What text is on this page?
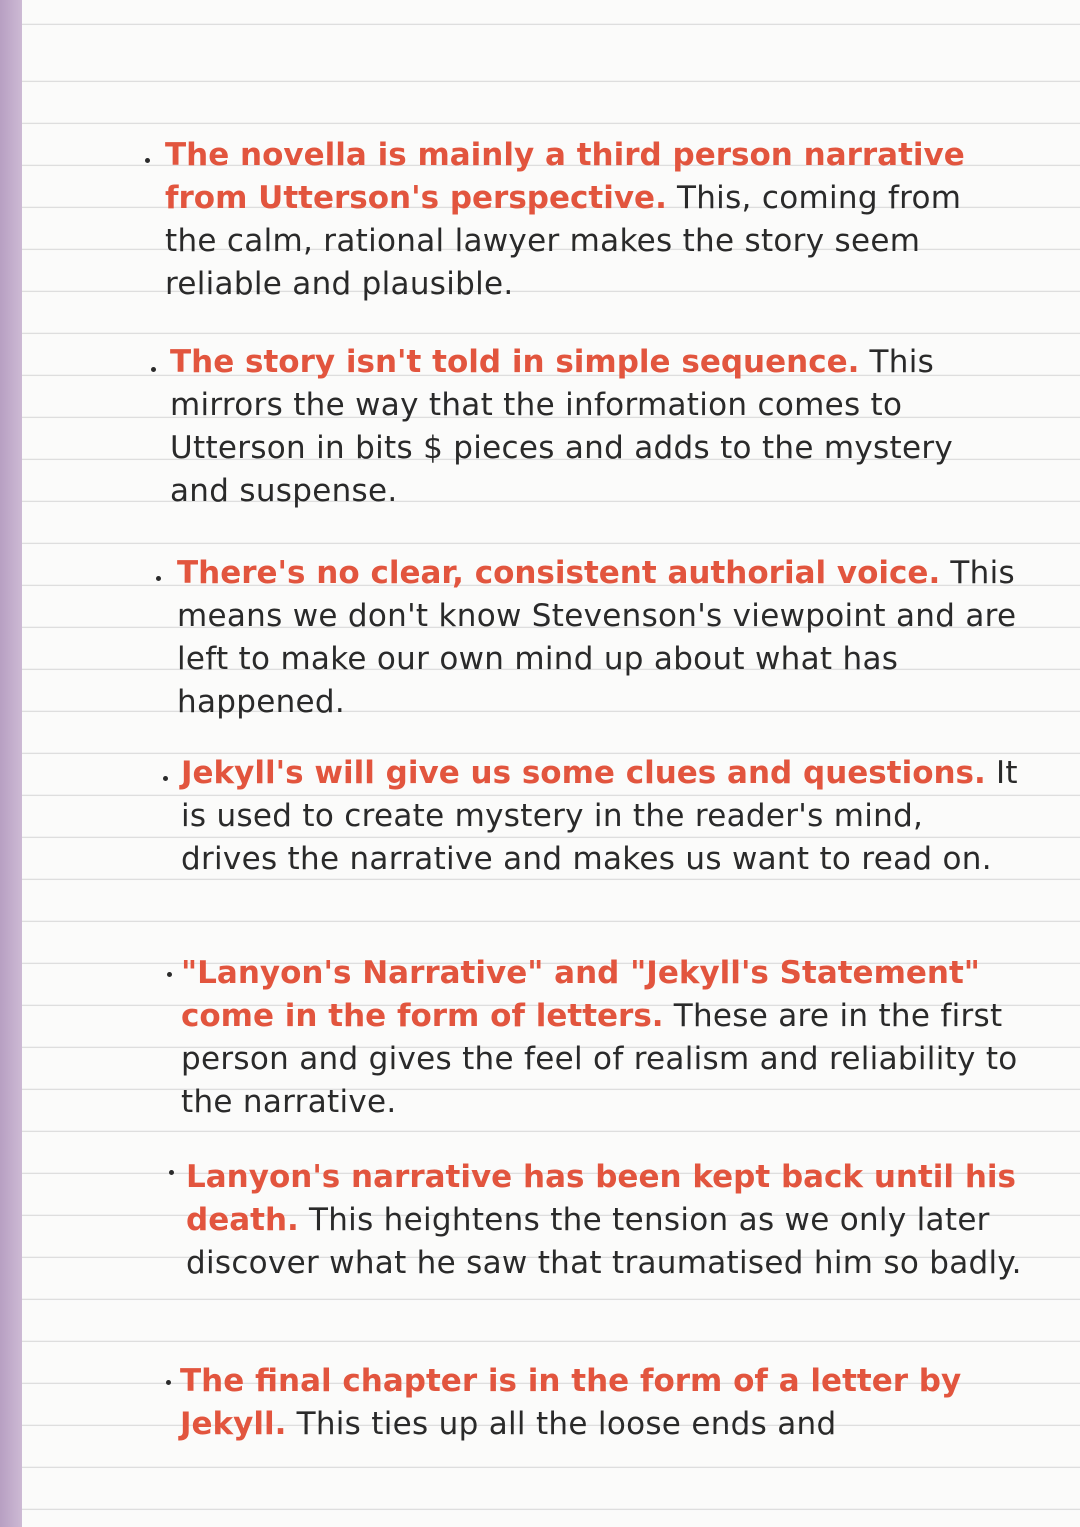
The novella is mainly a third person narrative from Utterson's perspective. This, coming from the calm, rational lawyer makes the story seem reliable and plausible.
The story isn't told in simple sequence. This mirrors the way that the information comes to Utterson in bits $ pieces and adds to the mystery and suspense.
There's no clear, consistent authorial voice. This means we don't know Stevenson's viewpoint and are left to make our own mind up about what has happened.
Jekyll's will give us some clues and questions. It is used to create mystery in the reader's mind, drives the narrative and makes us want to read on.
"Lanyon's Narrative" and "Jekyll's Statement" come in the form of letters. These are in the first person and gives the feel of realism and reliability to the narrative.
Lanyon's narrative has been kept back until his death. This heightens the tension as we only later discover what he saw that traumatised him so badly.
The final chapter is in the form of a letter by Jekyll. This ties up all the loose ends and
